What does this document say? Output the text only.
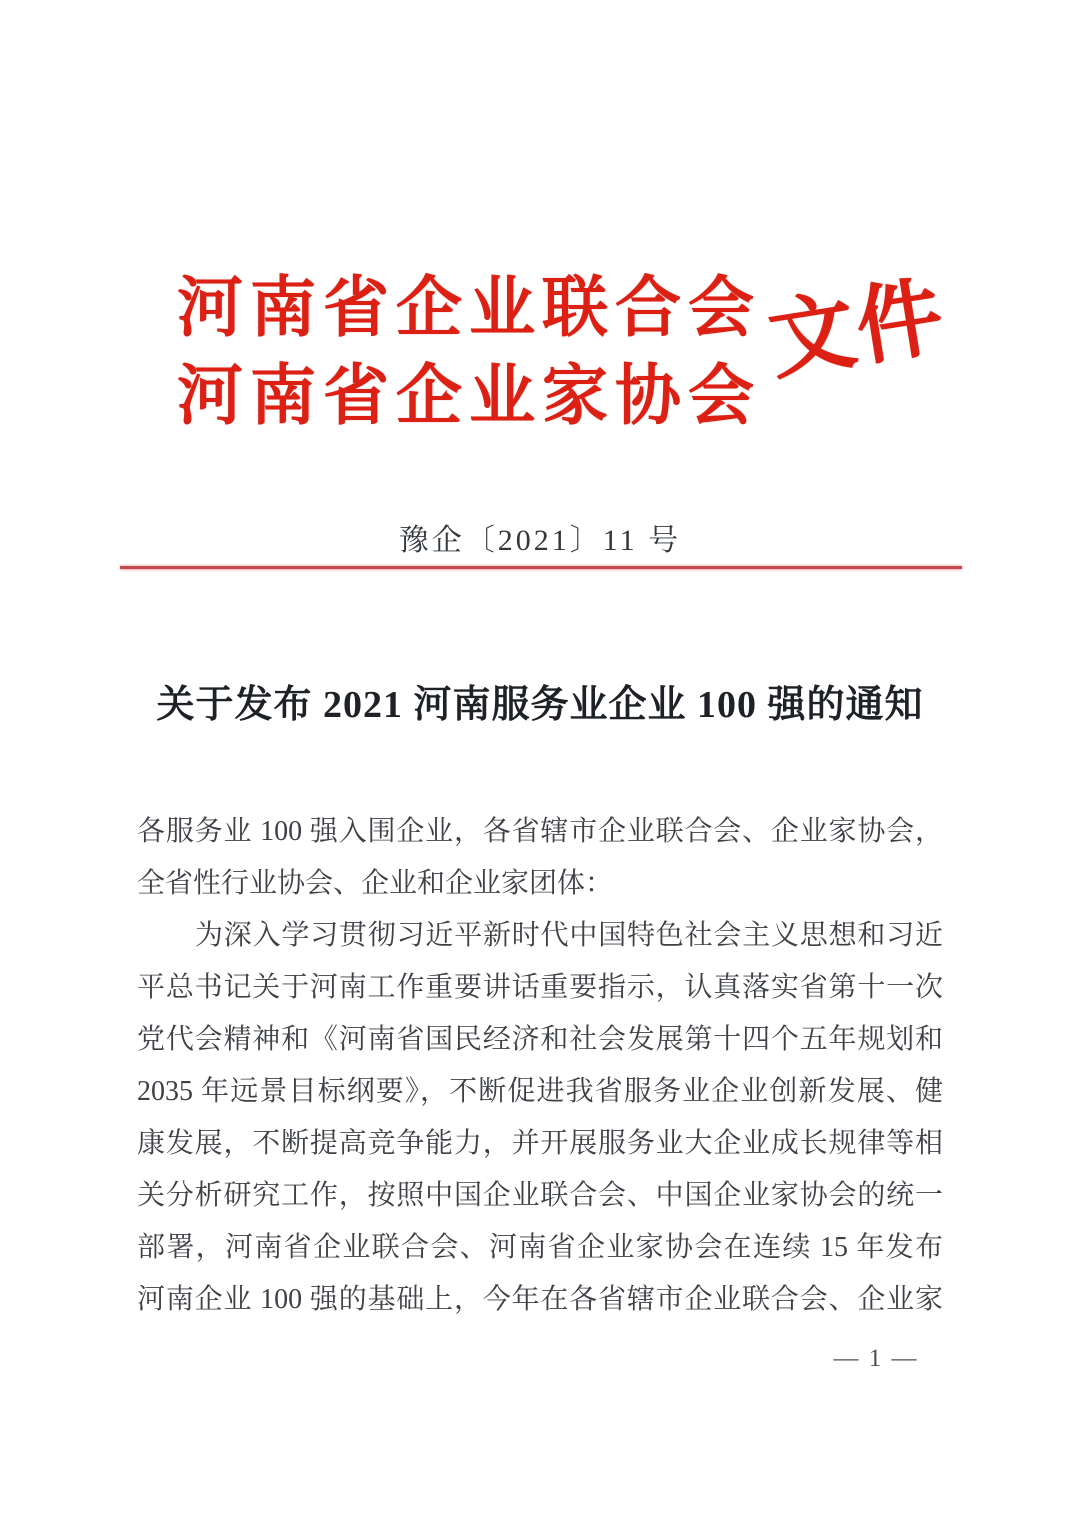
河南省企业联合会
河南省企业家协会
文件
豫企〔2021〕11 号
关于发布 2021 河南服务业企业 100 强的通知

各服务业 100 强入围企业，各省辖市企业联合会、企业家协会，

全省性行业协会、企业和企业家团体：

为深入学习贯彻习近平新时代中国特色社会主义思想和习近

平总书记关于河南工作重要讲话重要指示，认真落实省第十一次

党代会精神和《河南省国民经济和社会发展第十四个五年规划和

2035 年远景目标纲要》，不断促进我省服务业企业创新发展、健

康发展，不断提高竞争能力，并开展服务业大企业成长规律等相

关分析研究工作，按照中国企业联合会、中国企业家协会的统一

部署，河南省企业联合会、河南省企业家协会在连续 15 年发布

河南企业 100 强的基础上，今年在各省辖市企业联合会、企业家

— 1 —
